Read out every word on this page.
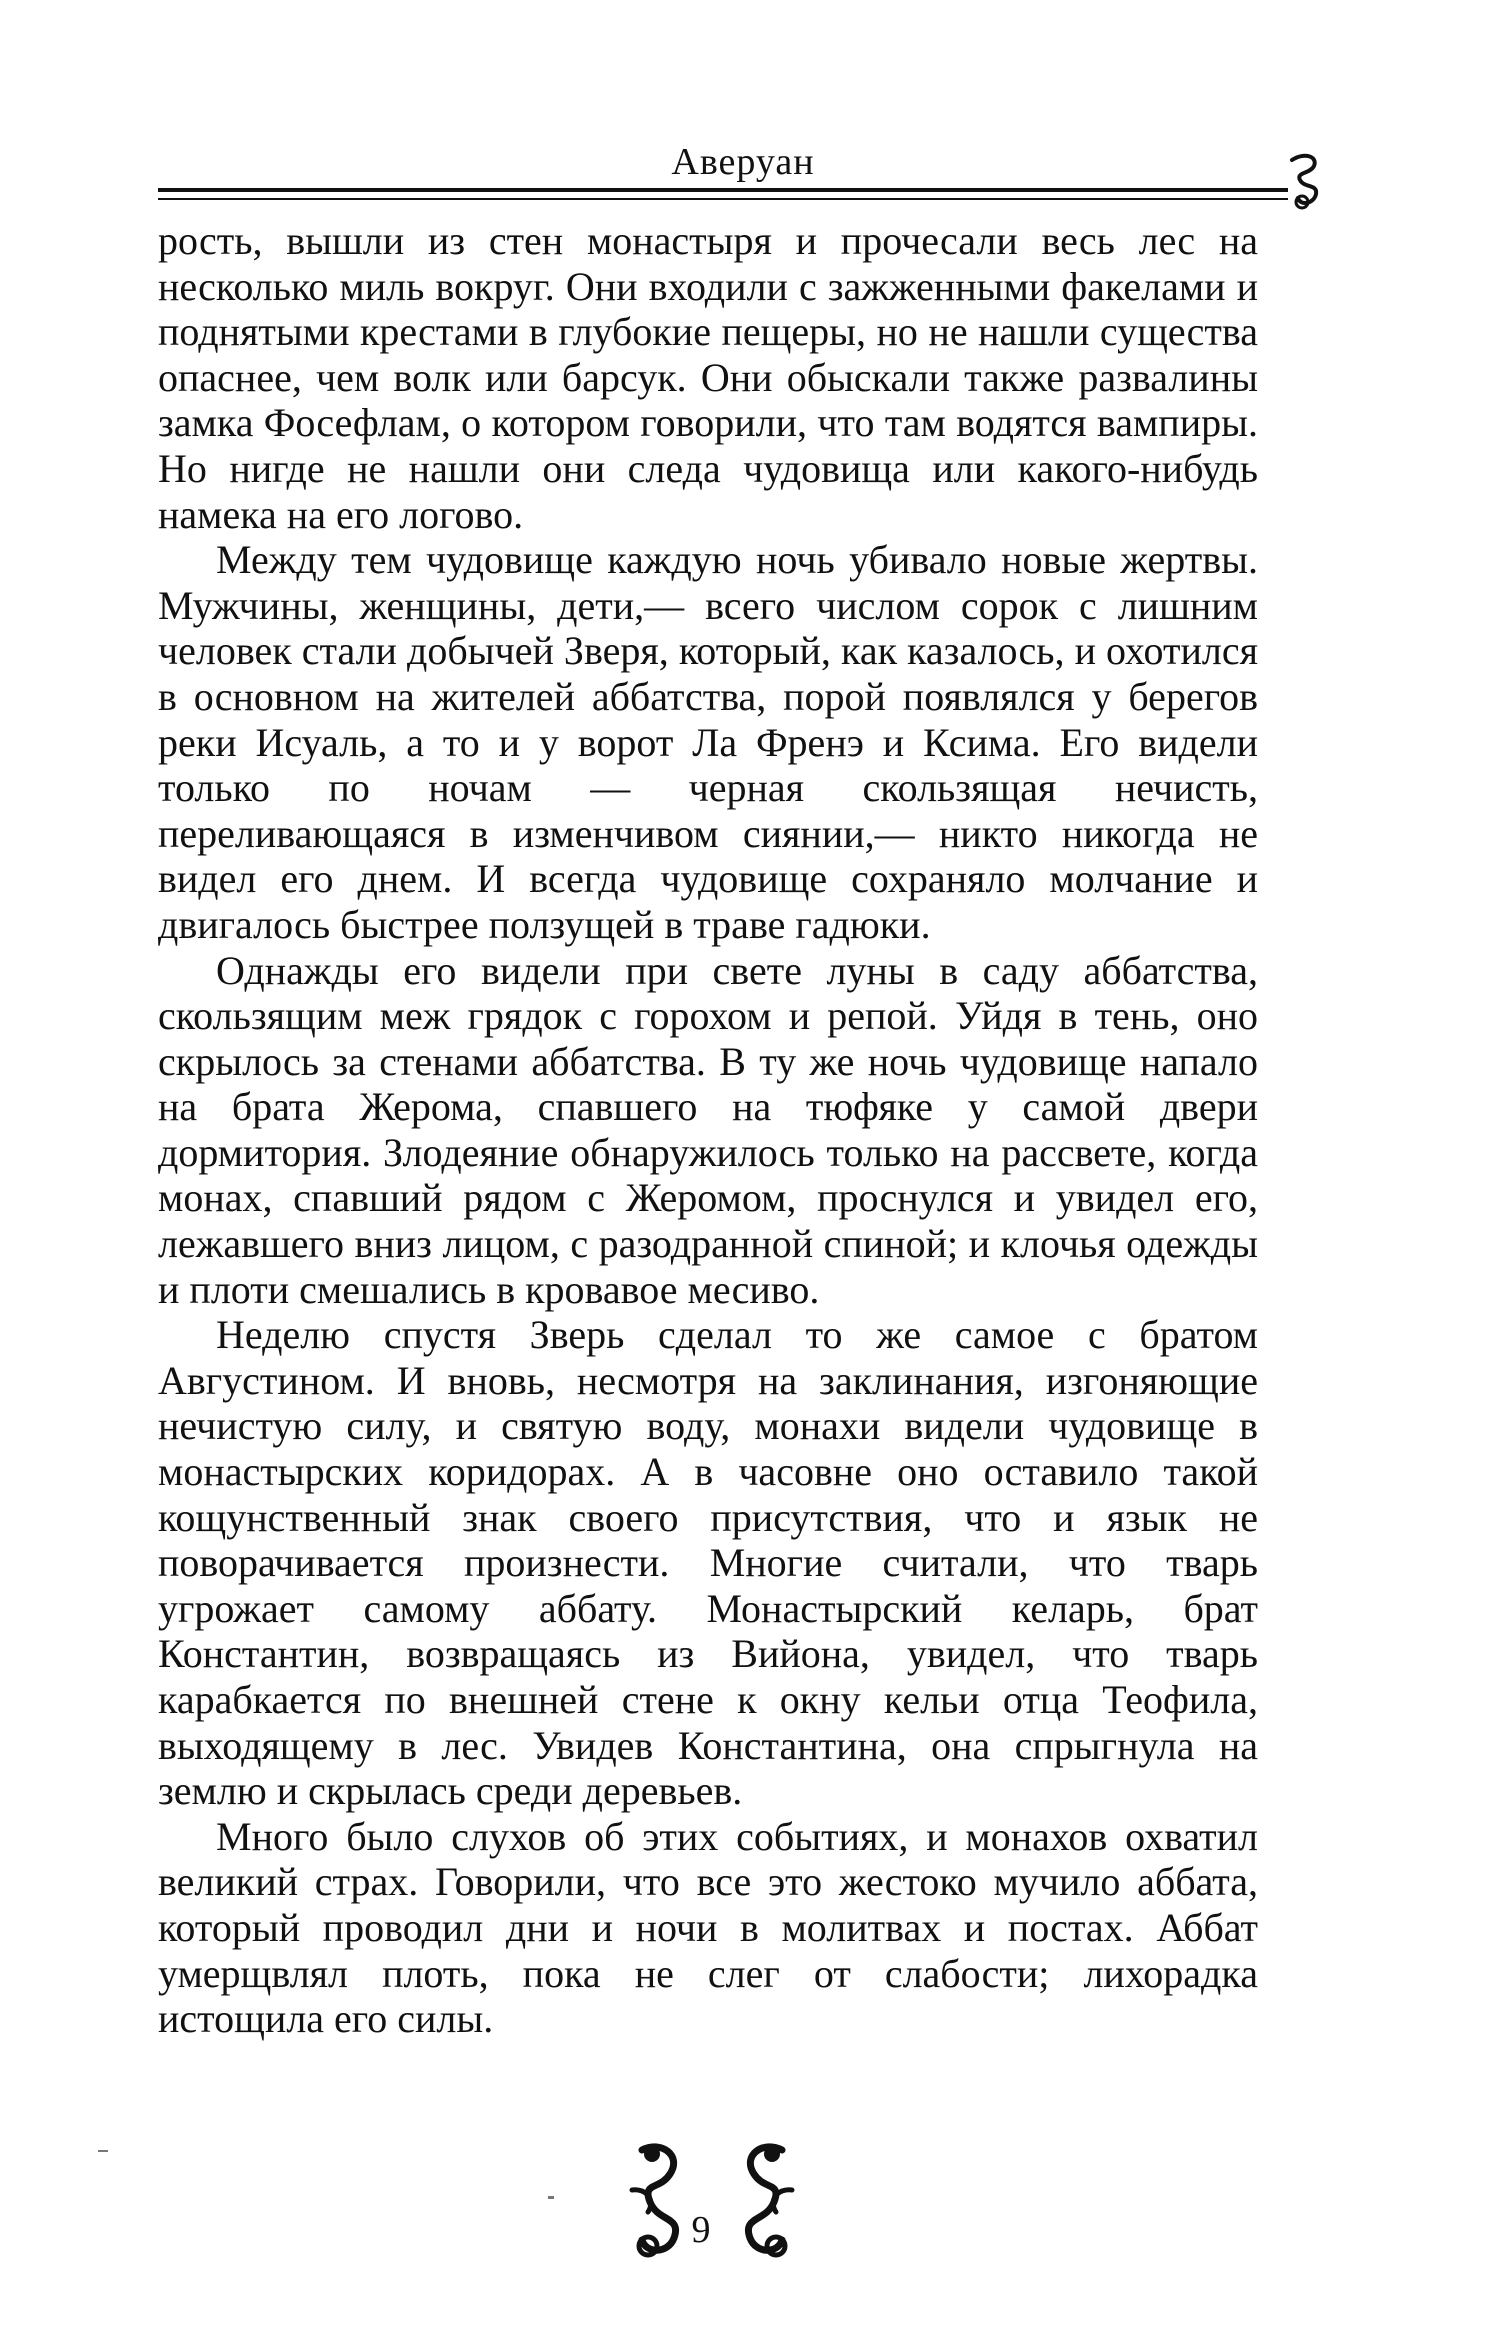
Аверуан

рость, вышли из стен монастыря и прочесали весь лес на несколько миль вокруг. Они входили с зажженными факелами и поднятыми крестами в глубокие пещеры, но не нашли существа опаснее, чем волк или барсук. Они обыскали также развалины замка Фосефлам, о котором говорили, что там водятся вампиры. Но нигде не нашли они следа чудовища или какого-нибудь намека на его логово.

Между тем чудовище каждую ночь убивало новые жертвы. Мужчины, женщины, дети,— всего числом сорок с лишним человек стали добычей Зверя, который, как казалось, и охотился в основном на жителей аббатства, порой появлялся у берегов реки Исуаль, а то и у ворот Ла Френэ и Ксима. Его видели только по ночам — черная скользящая нечисть, переливающаяся в изменчивом сиянии,— никто никогда не видел его днем. И всегда чудовище сохраняло молчание и двигалось быстрее ползущей в траве гадюки.

Однажды его видели при свете луны в саду аббатства, скользящим меж грядок с горохом и репой. Уйдя в тень, оно скрылось за стенами аббатства. В ту же ночь чудовище напало на брата Жерома, спавшего на тюфяке у самой двери дормитория. Злодеяние обнаружилось только на рассвете, когда монах, спавший рядом с Жеромом, проснулся и увидел его, лежавшего вниз лицом, с разодранной спиной; и клочья одежды и плоти смешались в кровавое месиво.

Неделю спустя Зверь сделал то же самое с братом Августином. И вновь, несмотря на заклинания, изгоняющие нечистую силу, и святую воду, монахи видели чудовище в монастырских коридорах. А в часовне оно оставило такой кощунственный знак своего присутствия, что и язык не поворачивается произнести. Многие считали, что тварь угрожает самому аббату. Монастырский келарь, брат Константин, возвращаясь из Вийона, увидел, что тварь карабкается по внешней стене к окну кельи отца Теофила, выходящему в лес. Увидев Константина, она спрыгнула на землю и скрылась среди деревьев.

Много было слухов об этих событиях, и монахов охватил великий страх. Говорили, что все это жестоко мучило аббата, который проводил дни и ночи в молитвах и постах. Аббат умерщвлял плоть, пока не слег от слабости; лихорадка истощила его силы.

9
